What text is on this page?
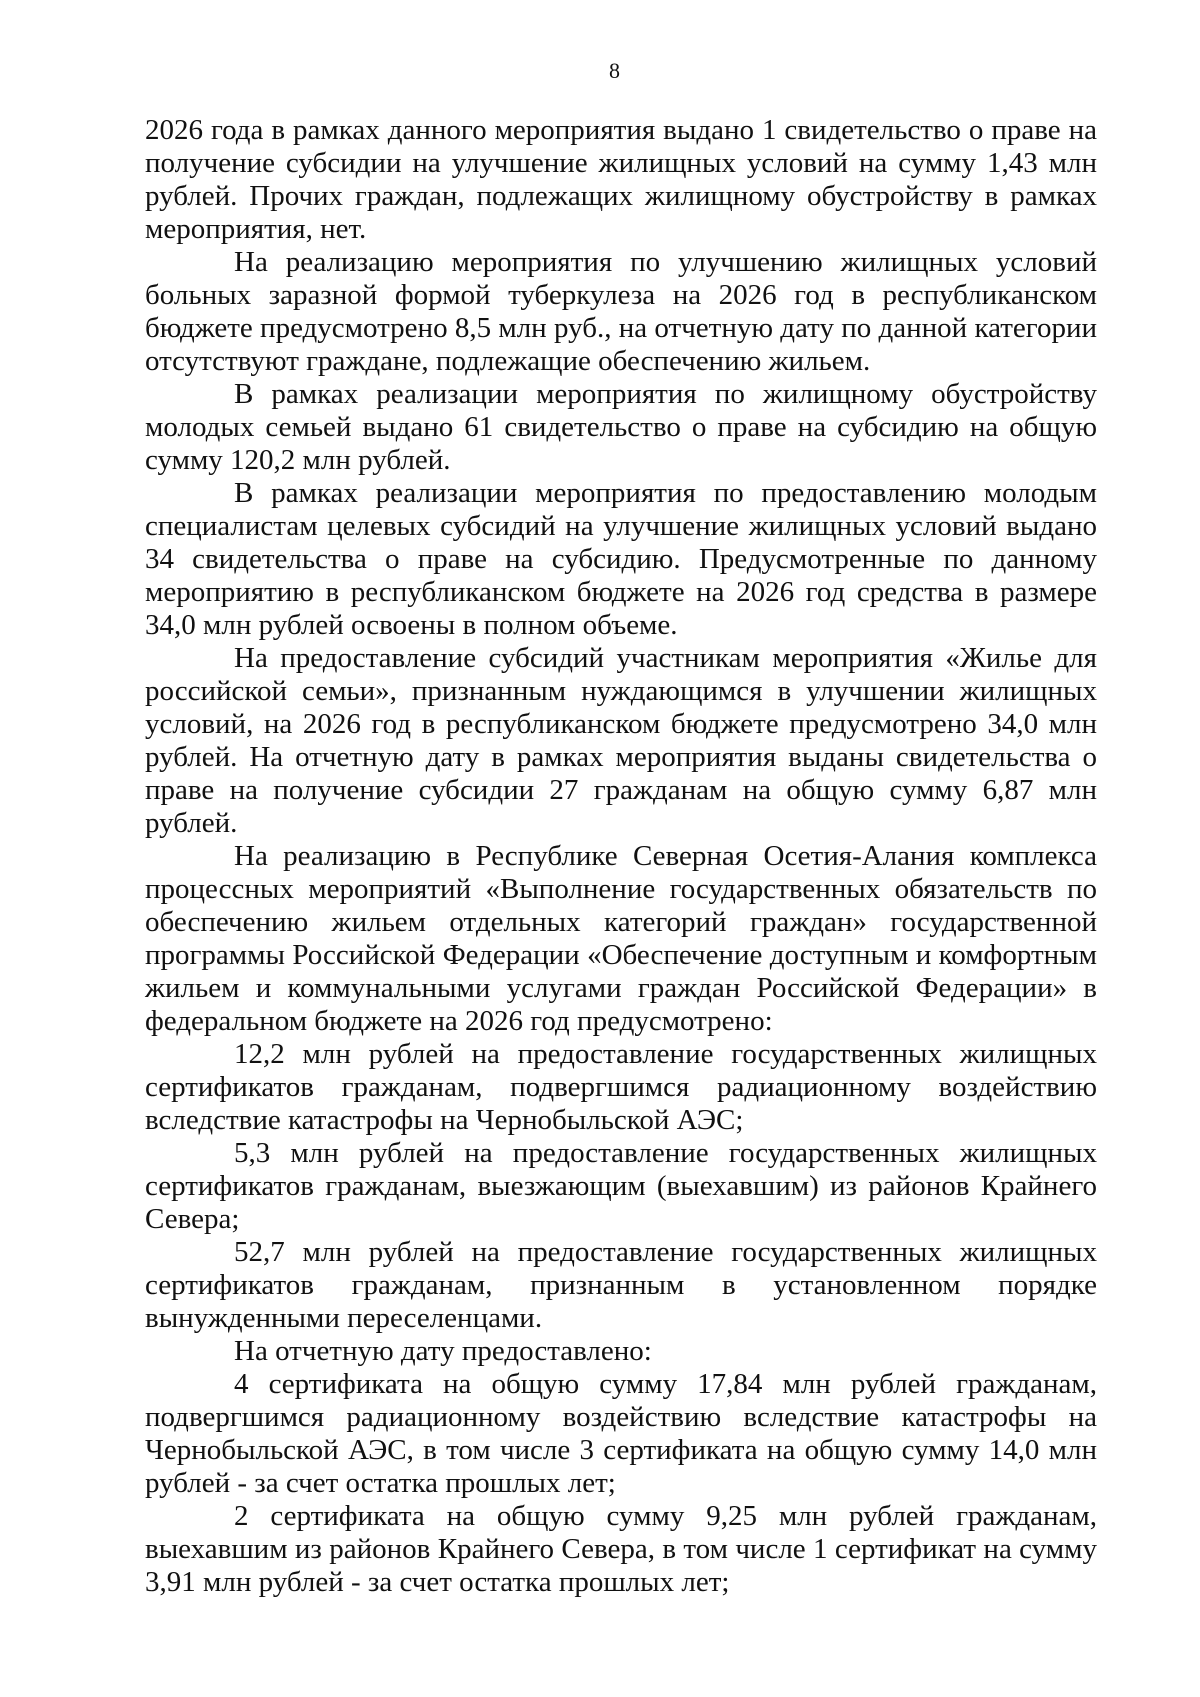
8

2026 года в рамках данного мероприятия выдано 1 свидетельство о праве на получение субсидии на улучшение жилищных условий на сумму 1,43 млн рублей. Прочих граждан, подлежащих жилищному обустройству в рамках мероприятия, нет.

На реализацию мероприятия по улучшению жилищных условий больных заразной формой туберкулеза на 2026 год в республиканском бюджете предусмотрено 8,5 млн руб., на отчетную дату по данной категории отсутствуют граждане, подлежащие обеспечению жильем.

В рамках реализации мероприятия по жилищному обустройству молодых семьей выдано 61 свидетельство о праве на субсидию на общую сумму 120,2 млн рублей.

В рамках реализации мероприятия по предоставлению молодым специалистам целевых субсидий на улучшение жилищных условий выдано 34 свидетельства о праве на субсидию. Предусмотренные по данному мероприятию в республиканском бюджете на 2026 год средства в размере 34,0 млн рублей освоены в полном объеме.

На предоставление субсидий участникам мероприятия «Жилье для российской семьи», признанным нуждающимся в улучшении жилищных условий, на 2026 год в республиканском бюджете предусмотрено 34,0 млн рублей. На отчетную дату в рамках мероприятия выданы свидетельства о праве на получение субсидии 27 гражданам на общую сумму 6,87 млн рублей.

На реализацию в Республике Северная Осетия-Алания комплекса процессных мероприятий «Выполнение государственных обязательств по обеспечению жильем отдельных категорий граждан» государственной программы Российской Федерации «Обеспечение доступным и комфортным жильем и коммунальными услугами граждан Российской Федерации» в федеральном бюджете на 2026 год предусмотрено:

12,2 млн рублей на предоставление государственных жилищных сертификатов гражданам, подвергшимся радиационному воздействию вследствие катастрофы на Чернобыльской АЭС;

5,3 млн рублей на предоставление государственных жилищных сертификатов гражданам, выезжающим (выехавшим) из районов Крайнего Севера;

52,7 млн рублей на предоставление государственных жилищных сертификатов гражданам, признанным в установленном порядке вынужденными переселенцами.

На отчетную дату предоставлено:

4 сертификата на общую сумму 17,84 млн рублей гражданам, подвергшимся радиационному воздействию вследствие катастрофы на Чернобыльской АЭС, в том числе 3 сертификата на общую сумму 14,0 млн рублей - за счет остатка прошлых лет;

2 сертификата на общую сумму 9,25 млн рублей гражданам, выехавшим из районов Крайнего Севера, в том числе 1 сертификат на сумму 3,91 млн рублей - за счет остатка прошлых лет;
